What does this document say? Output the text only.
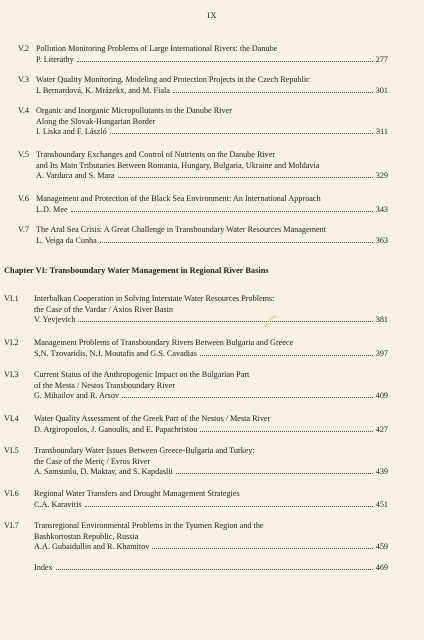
IX
V.2 Pollution Monitoring Problems of Large International Rivers: the Danube
P. Literathy	277
V.3 Water Quality Monitoring, Modeling and Protection Projects in the Czech Republic
I. Bernardová, K. Mrázekx, and M. Fiala	301
V.4 Organic and Inorganic Micropollutants in the Danube River
Along the Slovak-Hungarian Border
I. Liska and F. László	311
V.5 Transboundary Exchanges and Control of Nutrients on the Danube River
and Its Main Tributaries Between Romania, Hungary, Bulgaria, Ukraine and Moldavia
A. Varduca and S. Mara	329
V.6 Management and Protection of the Black Sea Environment: An International Approach
L.D. Mee	343
V.7 The Aral Sea Crisis: A Great Challenge in Transboundary Water Resources Management
L. Veiga da Cunha	363
Chapter VI: Transboundary Water Management in Regional River Basins
VI.1 Interbalkan Cooperation in Solving Interstate Water Resources Problems:
the Case of the Vardar / Axios River Basin
V. Yevjevich	381
VI.2 Management Problems of Transboundary Rivers Between Bulgaria and Greece
S.N. Tzovaridis, N.J. Moutafis and G.S. Cavadias	397
VI.3 Current Status of the Anthropogenic Impact on the Bulgarian Part
of the Mesta / Nestos Transboundary River
G. Mihailov and R. Arsov	409
VI.4 Water Quality Assessment of the Greek Part of the Nestos / Mesta River
D. Argiropoulos, J. Ganoulis, and E. Papachristou	427
VI.5 Transboundary Water Issues Between Greece-Bulgaria and Turkey:
the Case of the Meriç / Evros River
A. Samsunlu, D. Maktav, and S. Kapdaslii	439
VI.6 Regional Water Transfers and Drought Management Strategies
C.A. Karavitis	451
VI.7 Transregional Environmental Problems in the Tyumen Region and the
Bashkortostan Republic, Russia
A.A. Gubaidullin and R. Khamitov	459
Index	469
